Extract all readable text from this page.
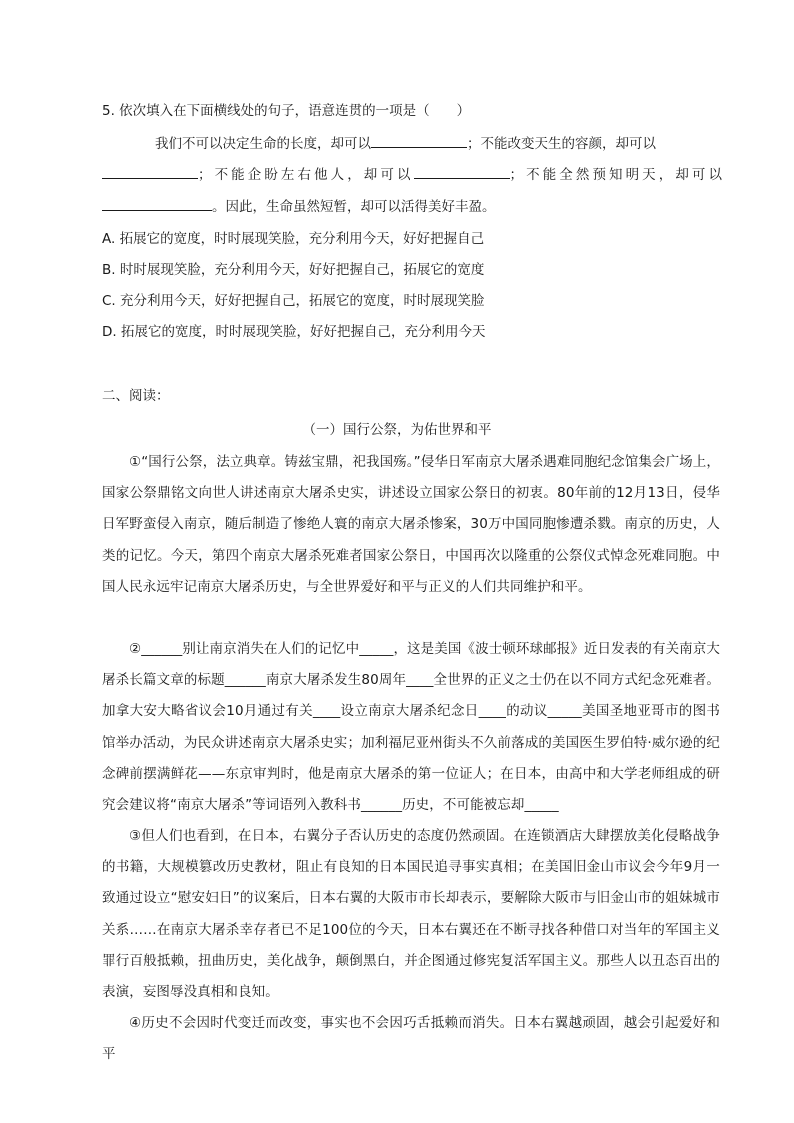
5. 依次填入在下面横线处的句子，语意连贯的一项是（　　）
我们不可以决定生命的长度，却可以	；不能改变天生的容颜，却可以
；不能企盼左右他人，却可以	；不能全然预知明天，却可以
。因此，生命虽然短暂，却可以活得美好丰盈。
A. 拓展它的宽度，时时展现笑脸，充分利用今天，好好把握自己
B. 时时展现笑脸，充分利用今天，好好把握自己，拓展它的宽度
C. 充分利用今天，好好把握自己，拓展它的宽度，时时展现笑脸
D. 拓展它的宽度，时时展现笑脸，好好把握自己，充分利用今天
二、阅读：
（一）国行公祭，为佑世界和平
①“国行公祭，法立典章。铸兹宝鼎，祀我国殇。”侵华日军南京大屠杀遇难同胞纪念馆集会广场上，国家公祭鼎铭文向世人讲述南京大屠杀史实，讲述设立国家公祭日的初衷。80年前的12月13日，侵华日军野蛮侵入南京，随后制造了惨绝人寰的南京大屠杀惨案，30万中国同胞惨遭杀戮。南京的历史，人类的记忆。今天，第四个南京大屠杀死难者国家公祭日，中国再次以隆重的公祭仪式悼念死难同胞。中国人民永远牢记南京大屠杀历史，与全世界爱好和平与正义的人们共同维护和平。
②______别让南京消失在人们的记忆中_____，这是美国《波士顿环球邮报》近日发表的有关南京大屠杀长篇文章的标题______南京大屠杀发生80周年____全世界的正义之士仍在以不同方式纪念死难者。加拿大安大略省议会10月通过有关____设立南京大屠杀纪念日____的动议_____美国圣地亚哥市的图书馆举办活动，为民众讲述南京大屠杀史实；加利福尼亚州街头不久前落成的美国医生罗伯特·威尔逊的纪念碑前摆满鲜花——东京审判时，他是南京大屠杀的第一位证人；在日本，由高中和大学老师组成的研究会建议将“南京大屠杀”等词语列入教科书______历史，不可能被忘却_____
③但人们也看到，在日本，右翼分子否认历史的态度仍然顽固。在连锁酒店大肆摆放美化侵略战争的书籍，大规模篡改历史教材，阻止有良知的日本国民追寻事实真相；在美国旧金山市议会今年9月一致通过设立“慰安妇日”的议案后，日本右翼的大阪市市长却表示，要解除大阪市与旧金山市的姐妹城市关系……在南京大屠杀幸存者已不足100位的今天，日本右翼还在不断寻找各种借口对当年的军国主义罪行百般抵赖，扭曲历史，美化战争，颠倒黑白，并企图通过修宪复活军国主义。那些人以丑态百出的表演，妄图辱没真相和良知。
④历史不会因时代变迁而改变，事实也不会因巧舌抵赖而消失。日本右翼越顽固，越会引起爱好和平
